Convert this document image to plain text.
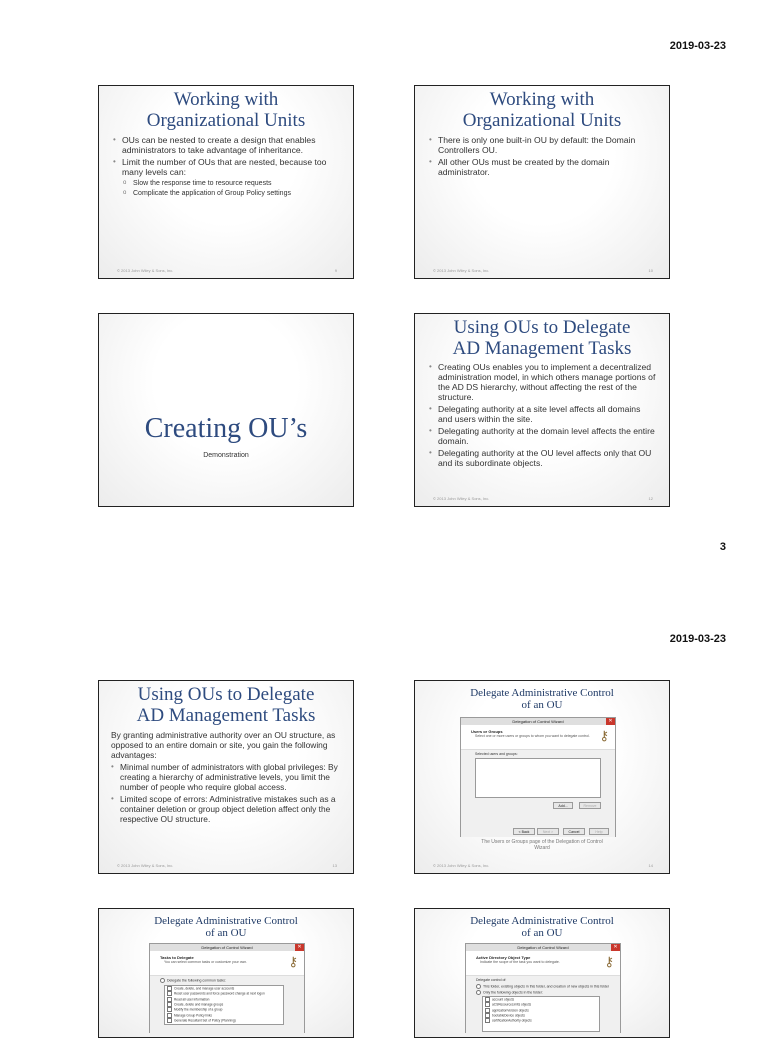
2019-03-23
Working with
Organizational Units
• OUs can be nested to create a design that enables administrators to take advantage of inheritance.
• Limit the number of OUs that are nested, because too many levels can:
o Slow the response time to resource requests
o Complicate the application of Group Policy settings
© 2013 John Wiley & Sons, Inc.	9
Working with
Organizational Units
• There is only one built-in OU by default: the Domain Controllers OU.
• All other OUs must be created by the domain administrator.
© 2013 John Wiley & Sons, Inc.	10
Creating OU’s
Demonstration
Using OUs to Delegate
AD Management Tasks
• Creating OUs enables you to implement a decentralized administration model, in which others manage portions of the AD DS hierarchy, without affecting the rest of the structure.
• Delegating authority at a site level affects all domains and users within the site.
• Delegating authority at the domain level affects the entire domain.
• Delegating authority at the OU level affects only that OU and its subordinate objects.
© 2013 John Wiley & Sons, Inc.	12
3
2019-03-23
Using OUs to Delegate
AD Management Tasks
By granting administrative authority over an OU structure, as opposed to an entire domain or site, you gain the following advantages:
• Minimal number of administrators with global privileges: By creating a hierarchy of administrative levels, you limit the number of people who require global access.
• Limited scope of errors: Administrative mistakes such as a container deletion or group object deletion affect only the respective OU structure.
© 2013 John Wiley & Sons, Inc.	13
Delegate Administrative Control
of an OU
Delegation of Control Wizard	✕
Users or Groups
Select one or more users or groups to whom you want to delegate control. ⚷
Selected users and groups:
Add...	Remove
< Back	Next >	Cancel	Help
The Users or Groups page of the Delegation of Control Wizard
© 2013 John Wiley & Sons, Inc.	14
Delegate Administrative Control
of an OU
Delegation of Control Wizard	✕
Tasks to Delegate
You can select common tasks or customize your own.	⚷
Delegate the following common tasks:
Create, delete, and manage user accounts
Reset user passwords and force password change at next logon
Read all user information
Create, delete and manage groups
Modify the membership of a group
Manage Group Policy links
Generate Resultant Set of Policy (Planning)
Delegate Administrative Control
of an OU
Delegation of Control Wizard	✕
Active Directory Object Type
Indicate the scope of the task you want to delegate.	⚷
Delegate control of:
This folder, existing objects in this folder, and creation of new objects in this folder
Only the following objects in the folder:
account objects
aCSResourceLimits objects
applicationVersion objects
bootableDevice objects
certificationAuthority objects
